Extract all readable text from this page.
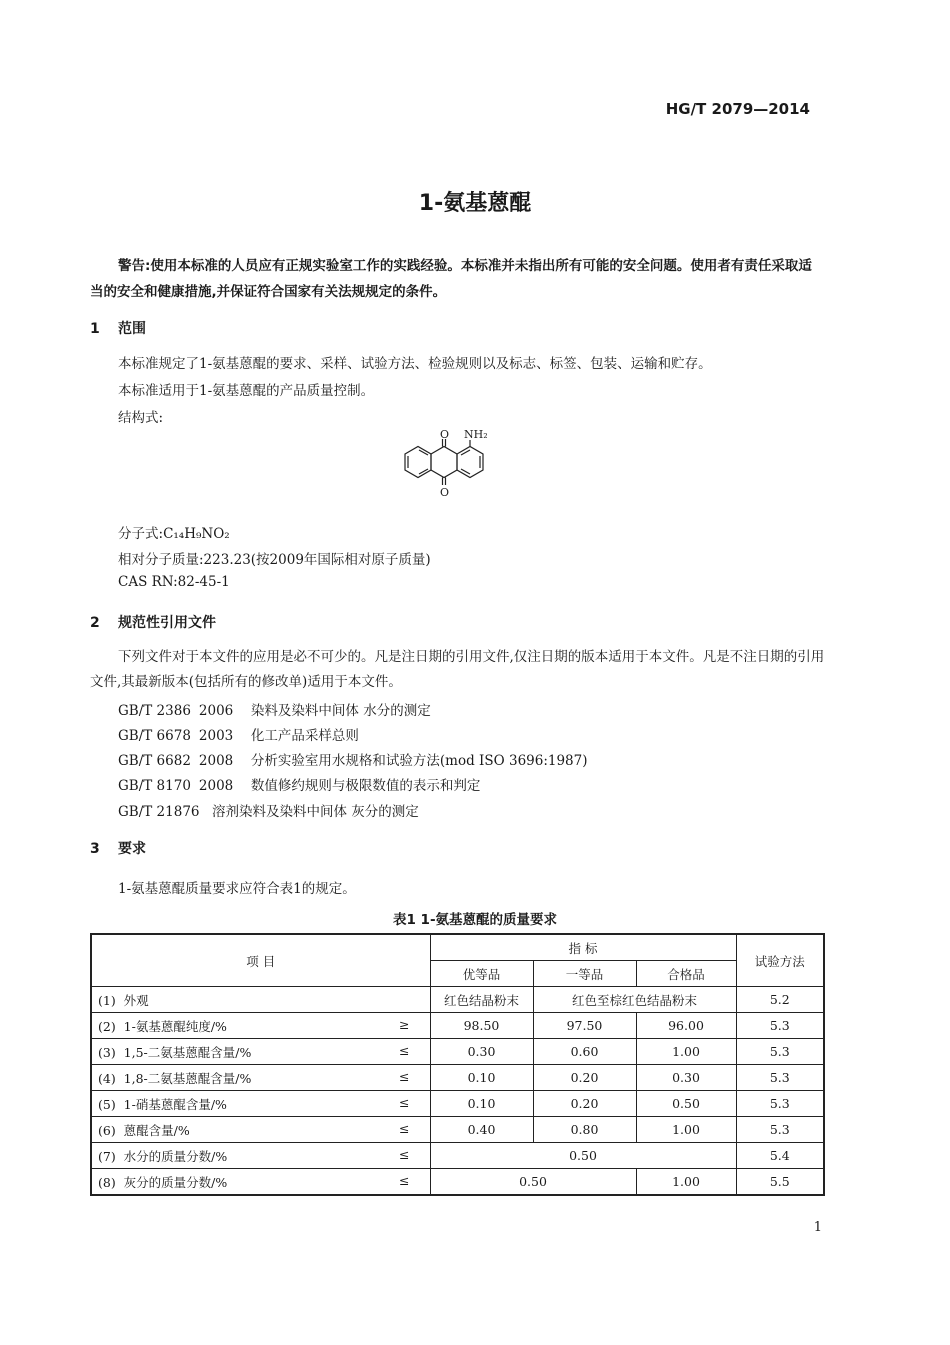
HG/T 2079—2014
1-氨基蒽醌
警告:使用本标准的人员应有正规实验室工作的实践经验。本标准并未指出所有可能的安全问题。使用者有责任采取适当的安全和健康措施,并保证符合国家有关法规规定的条件。
1 范围
本标准规定了1-氨基蒽醌的要求、采样、试验方法、检验规则以及标志、标签、包装、运输和贮存。
本标准适用于1-氨基蒽醌的产品质量控制。
结构式:
O NH₂
O
分子式:C₁₄H₉NO₂
相对分子质量:223.23(按2009年国际相对原子质量)
CAS RN:82-45-1
2 规范性引用文件
下列文件对于本文件的应用是必不可少的。凡是注日期的引用文件,仅注日期的版本适用于本文件。凡是不注日期的引用文件,其最新版本(包括所有的修改单)适用于本文件。
GB/T 2386 2006 染料及染料中间体 水分的测定
GB/T 6678 2003 化工产品采样总则
GB/T 6682 2008 分析实验室用水规格和试验方法(mod ISO 3696:1987)
GB/T 8170 2008 数值修约规则与极限数值的表示和判定
GB/T 21876 溶剂染料及染料中间体 灰分的测定
3 要求
1-氨基蒽醌质量要求应符合表1的规定。
表1 1-氨基蒽醌的质量要求
项 目	指 标			试验方法
	优等品	一等品	合格品	
(1) 外观	红色结晶粉末	红色至棕红色结晶粉末		5.2
(2) 1-氨基蒽醌纯度/% ≥	98.50	97.50	96.00	5.3
(3) 1,5-二氨基蒽醌含量/% ≤	0.30	0.60	1.00	5.3
(4) 1,8-二氨基蒽醌含量/% ≤	0.10	0.20	0.30	5.3
(5) 1-硝基蒽醌含量/% ≤	0.10	0.20	0.50	5.3
(6) 蒽醌含量/% ≤	0.40	0.80	1.00	5.3
(7) 水分的质量分数/% ≤	0.50			5.4
(8) 灰分的质量分数/% ≤	0.50		1.00	5.5
1
